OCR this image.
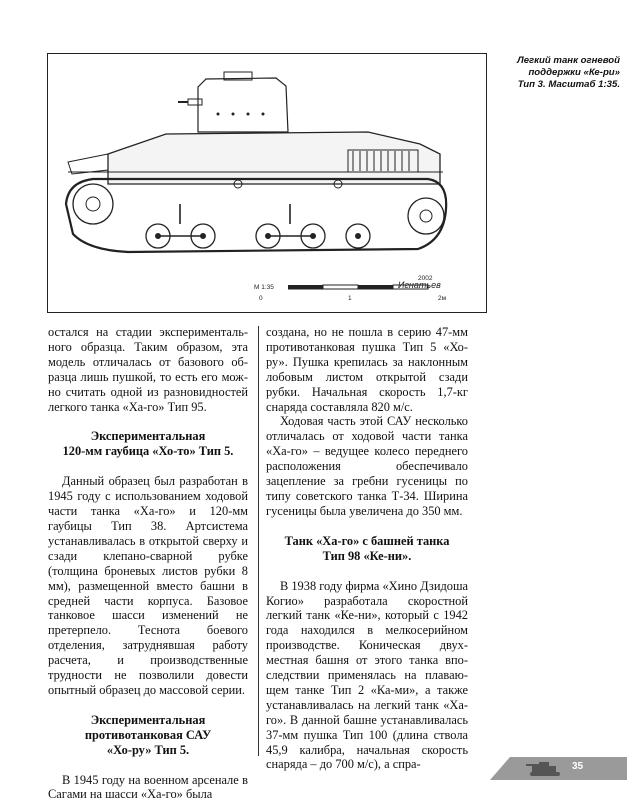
М 1:35
0	1	2м
2002
Игнатьев
Легкий танк огневой
поддержки «Ке-ри»
Тип 3. Масштаб 1:35.

остался на стадии экспериментального образца. Таким образом, эта модель отличалась от базового образца лишь пушкой, то есть его можно считать одной из разновидностей легкого танка «Ха-го» Тип 95.

Экспериментальная

120-мм гаубица «Хо-то» Тип 5.

Данный образец был разработан в 1945 году с использованием ходовой части танка «Ха-го» и 120-мм гаубицы Тип 38. Артсистема устанавливалась в открытой сверху и сзади клепано-сварной рубке (толщина броневых листов рубки 8 мм), размещенной вместо башни в средней части корпуса. Базовое танковое шасси изменений не претерпело. Теснота боевого отделения, затруднявшая работу расчета, и производственные трудности не позволили довести опытный образец до массовой серии.

Экспериментальная

противотанковая САУ

«Хо-ру» Тип 5.

В 1945 году на военном арсенале в Сагами на шасси «Ха-го» была

создана, но не пошла в серию 47-мм противотанковая пушка Тип 5 «Хору». Пушка крепилась за наклонным лобовым листом открытой сзади рубки. Начальная скорость 1,7-кг снаряда составляла 820 м/с.

Ходовая часть этой САУ несколько отличалась от ходовой части танка «Ха-го» – ведущее колесо переднего расположения обеспечивало зацепление за гребни гусеницы по типу советского танка Т-34. Ширина гусеницы была увеличена до 350 мм.

Танк «Ха-го» с башней танка

Тип 98 «Ке-ни».

В 1938 году фирма «Хино Дзидоша Когио» разработала скоростной легкий танк «Ке-ни», который с 1942 года находился в мелкосерийном производстве. Коническая двухместная башня от этого танка впоследствии применялась на плавающем танке Тип 2 «Ка-ми», а также устанавливалась на легкий танк «Хаго». В данной башне устанавливалась 37-мм пушка Тип 100 (длина ствола 45,9 калибра, начальная скорость снаряда – до 700 м/с), а спра-	35
